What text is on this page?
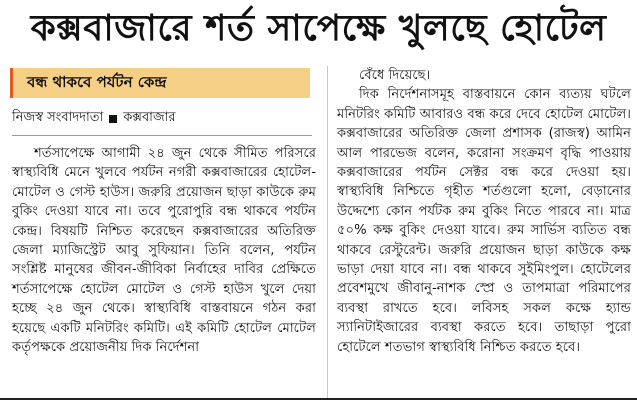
কক্সবাজারে শর্ত সাপেক্ষে খুলছে হোটেল
বন্ধ থাকবে পর্যটন কেন্দ্র
নিজস্ব সংবাদদাতা কক্সবাজার

শর্তসাপেক্ষে আগামী ২৪ জুন থেকে সীমিত পরিসরে স্বাস্থ্যবিধি মেনে খুলবে পর্যটন নগরী কক্সবাজারের হোটেল-মোটেল ও গেস্ট হাউস। জরুরি প্রয়োজন ছাড়া কাউকে রুম বুকিং দেওয়া যাবে না। তবে পুরোপুরি বন্ধ থাকবে পর্যটন কেন্দ্র। বিষয়টি নিশ্চিত করেছেন কক্সবাজারের অতিরিক্ত জেলা ম্যাজিস্ট্রেট আবু সুফিয়ান। তিনি বলেন, পর্যটন সংশ্লিষ্ট মানুষের জীবন-জীবিকা নির্বাহের দাবির প্রেক্ষিতে শর্তসাপেক্ষে হোটেল মোটেল ও গেস্ট হাউস খুলে দেয়া হচ্ছে ২৪ জুন থেকে। স্বাস্থ্যবিধি বাস্তবায়নে গঠন করা হয়েছে একটি মনিটরিং কমিটি। এই কমিটি হোটেল মোটেল কর্তৃপক্ষকে প্রয়োজনীয় দিক নির্দেশনা

বেঁধে দিয়েছে।

দিক নির্দেশনাসমূহ বাস্তবায়নে কোন ব্যত্যয় ঘটলে মনিটরিং কমিটি আবারও বন্ধ করে দেবে হোটেল মোটেল। কক্সবাজারের অতিরিক্ত জেলা প্রশাসক (রাজস্ব) আমিন আল পারভেজ বলেন, করোনা সংক্রমণ বৃদ্ধি পাওয়ায় কক্সবাজারের পর্যটন সেক্টর বন্ধ করে দেওয়া হয়। স্বাস্থ্যবিধি নিশ্চিতে গৃহীত শর্তগুলো হলো, বেড়ানোর উদ্দেশ্যে কোন পর্যটক রুম বুকিং নিতে পারবে না। মাত্র ৫০% কক্ষ বুকিং দেওয়া যাবে। রুম সার্ভিস ব্যতিত বন্ধ থাকবে রেস্টুরেন্ট। জরুরি প্রয়োজন ছাড়া কাউকে কক্ষ ভাড়া দেয়া যাবে না। বন্ধ থাকবে সুইমিংপুল। হোটেলের প্রবেশমুখে জীবানু-নাশক স্প্রে ও তাপমাত্রা পরিমাপের ব্যবস্থা রাখতে হবে। লবিসহ সকল কক্ষে হ্যান্ড স্যানিটাইজারের ব্যবস্থা করতে হবে। তাছাড়া পুরো হোটেলে শতভাগ স্বাস্থ্যবিধি নিশ্চিত করতে হবে।
